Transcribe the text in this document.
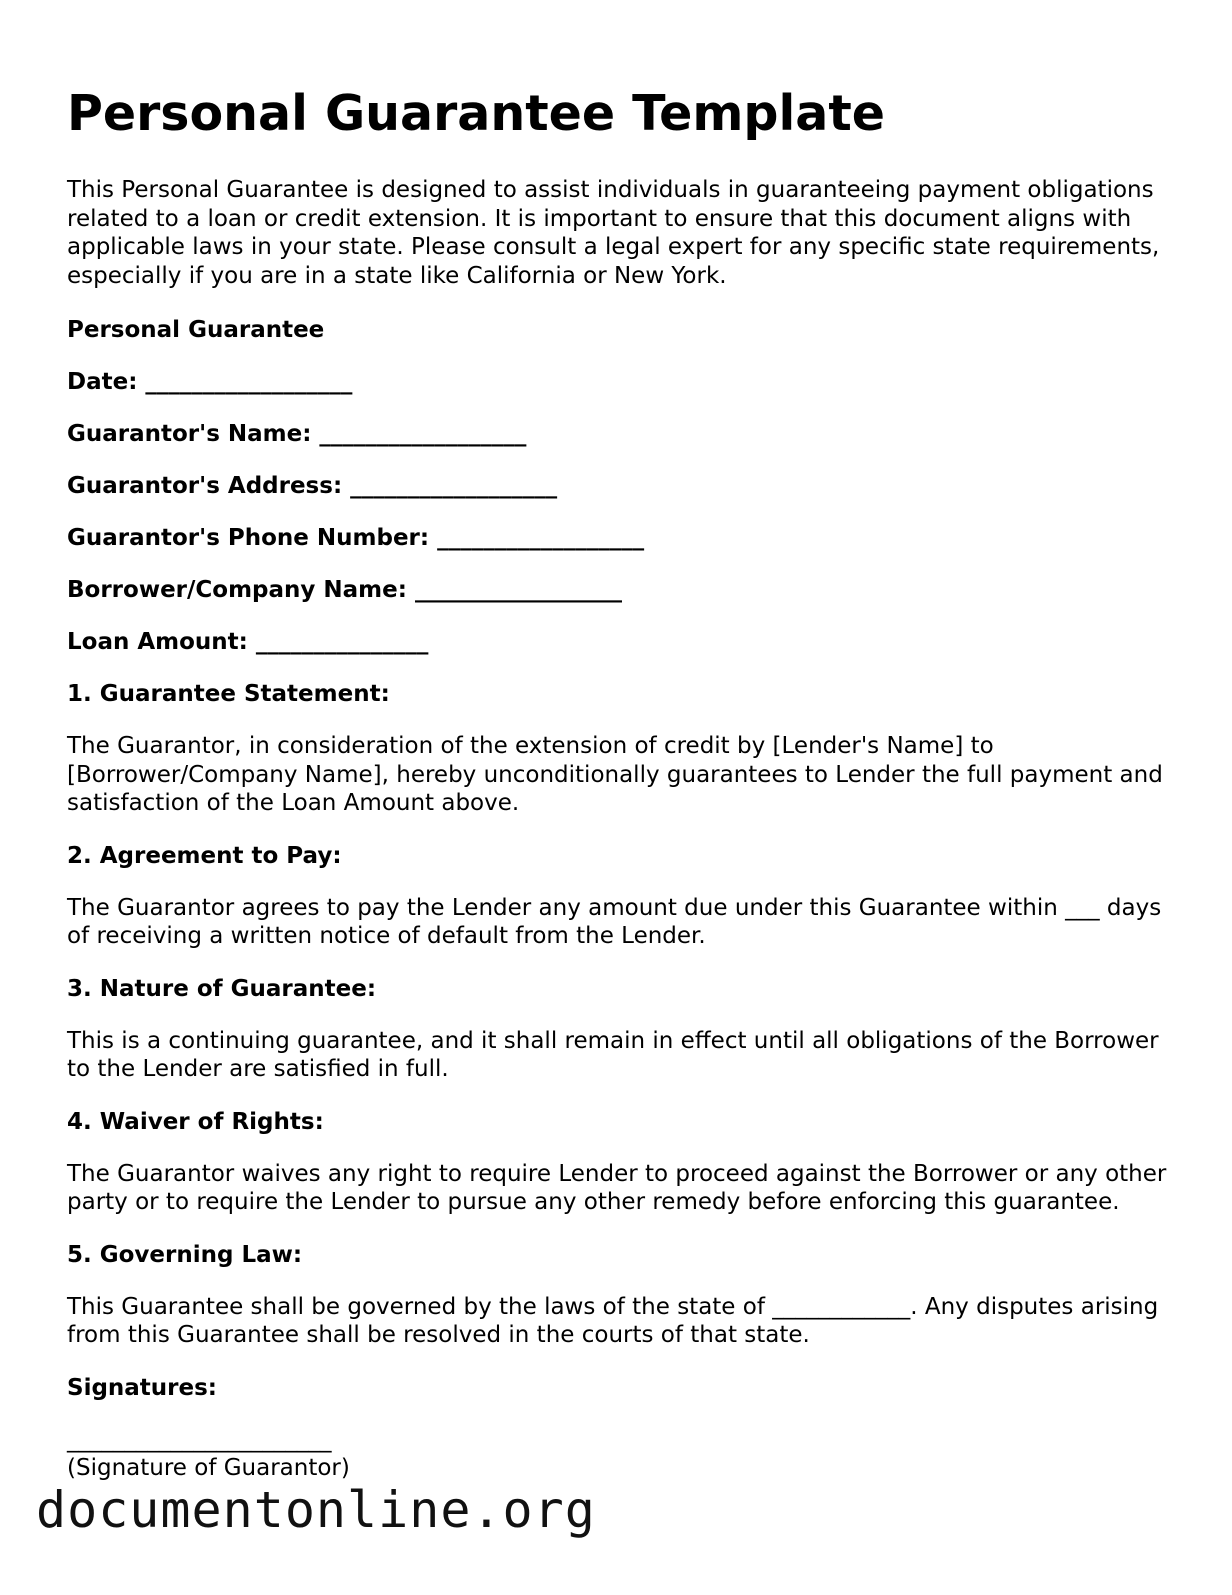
Personal Guarantee Template

This Personal Guarantee is designed to assist individuals in guaranteeing payment obligations related to a loan or credit extension. It is important to ensure that this document aligns with applicable laws in your state. Please consult a legal expert for any specific state requirements, especially if you are in a state like California or New York.

Personal Guarantee
Date: __________________
Guarantor's Name: __________________
Guarantor's Address: __________________
Guarantor's Phone Number: __________________
Borrower/Company Name: __________________
Loan Amount: _______________
1. Guarantee Statement:

The Guarantor, in consideration of the extension of credit by [Lender's Name] to [Borrower/Company Name], hereby unconditionally guarantees to Lender the full payment and satisfaction of the Loan Amount above.

2. Agreement to Pay:

The Guarantor agrees to pay the Lender any amount due under this Guarantee within ___ days of receiving a written notice of default from the Lender.

3. Nature of Guarantee:

This is a continuing guarantee, and it shall remain in effect until all obligations of the Borrower to the Lender are satisfied in full.

4. Waiver of Rights:

The Guarantor waives any right to require Lender to proceed against the Borrower or any other party or to require the Lender to pursue any other remedy before enforcing this guarantee.

5. Governing Law:

This Guarantee shall be governed by the laws of the state of ____________. Any disputes arising from this Guarantee shall be resolved in the courts of that state.

Signatures:
_______________________
(Signature of Guarantor)
documentonline.org
